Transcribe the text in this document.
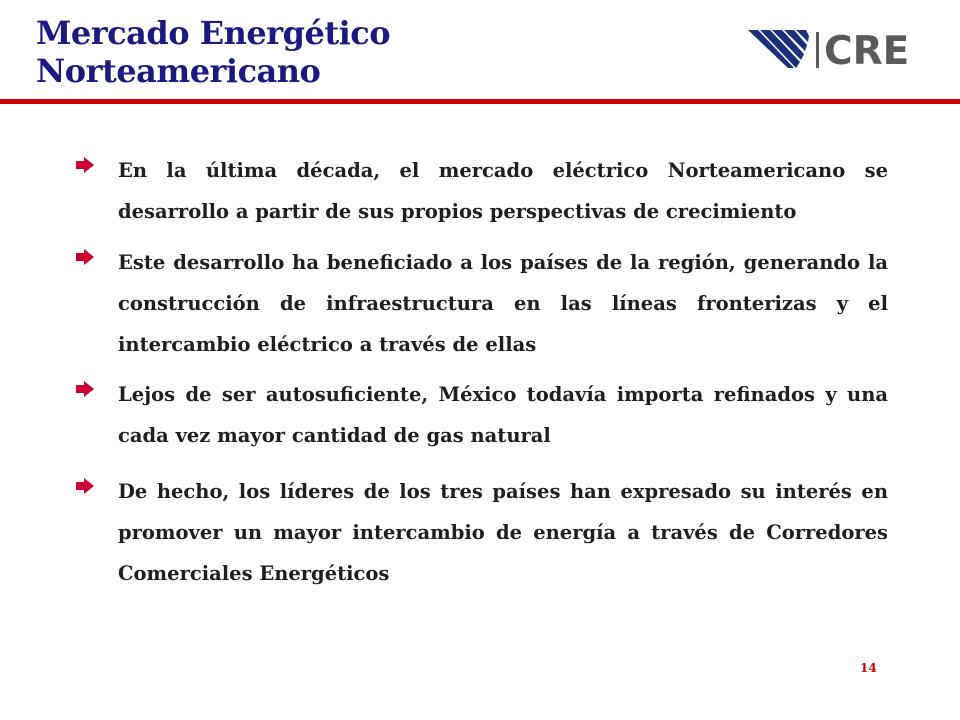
Mercado Energético
Norteamericano	CRE

En la última década, el mercado eléctrico Norteamericano se desarrollo a partir de sus propios perspectivas de crecimiento

Este desarrollo ha beneficiado a los países de la región, generando la construcción de infraestructura en las líneas fronterizas y el intercambio eléctrico a través de ellas

Lejos de ser autosuficiente, México todavía importa refinados y una cada vez mayor cantidad de gas natural

De hecho, los líderes de los tres países han expresado su interés en promover un mayor intercambio de energía a través de Corredores Comerciales Energéticos

14
